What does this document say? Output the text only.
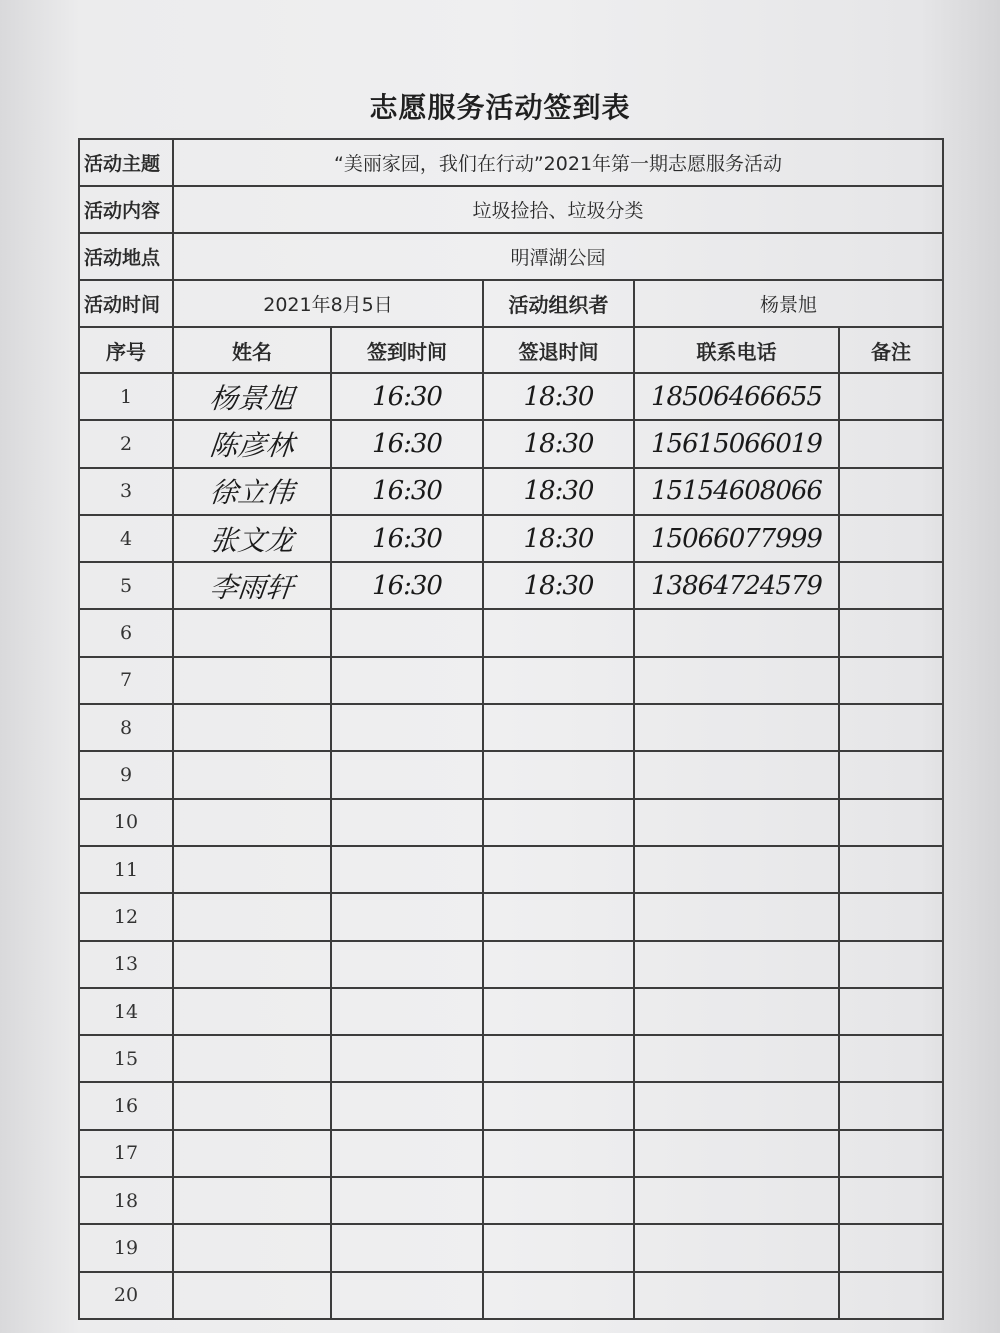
志愿服务活动签到表
活动主题	“美丽家园，我们在行动”2021年第一期志愿服务活动				
活动内容	垃圾捡拾、垃圾分类				
活动地点	明潭湖公园				
活动时间	2021年8月5日		活动组织者	杨景旭	
序号	姓名	签到时间	签退时间	联系电话	备注
1	杨景旭	16:30	18:30	18506466655	
2	陈彦林	16:30	18:30	15615066019	
3	徐立伟	16:30	18:30	15154608066	
4	张文龙	16:30	18:30	15066077999	
5	李雨轩	16:30	18:30	13864724579	
6					
7					
8					
9					
10					
11					
12					
13					
14					
15					
16					
17					
18					
19					
20					
